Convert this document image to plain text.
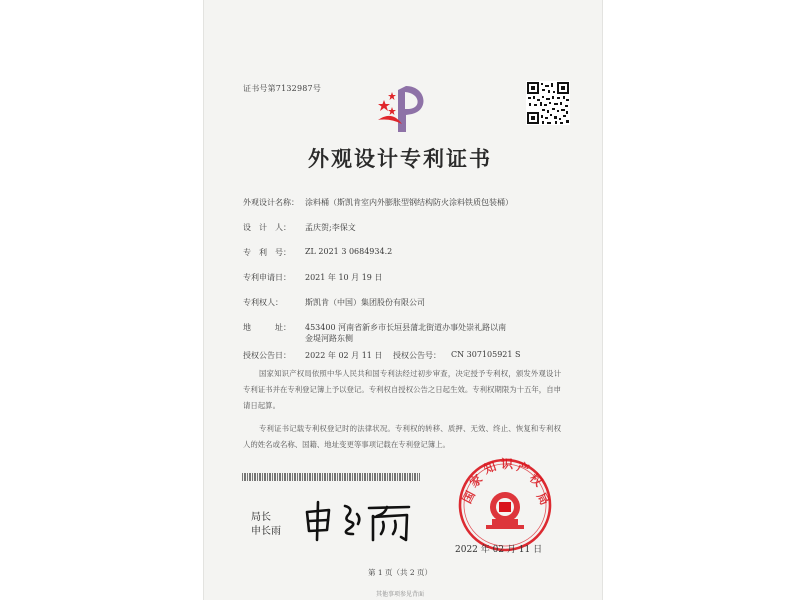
证书号第7132987号
外观设计专利证书
外观设计名称： 涂料桶（斯凯肯室内外膨胀型钢结构防火涂料铁质包装桶）
设　计　人： 孟庆贺;李保文
专　利　号： ZL 2021 3 0684934.2
专利申请日： 2021 年 10 月 19 日
专利权人：	斯凯肯（中国）集团股份有限公司
地　　　址： 453400 河南省新乡市长垣县蒲北街道办事处崇礼路以南
金堤河路东侧
授权公告日： 2022 年 02 月 11 日 授权公告号： CN 307105921 S

国家知识产权局依照中华人民共和国专利法经过初步审查，决定授予专利权，颁发外观设计专利证书并在专利登记簿上予以登记。专利权自授权公告之日起生效。专利权期限为十五年，自申请日起算。

专利证书记载专利权登记时的法律状况。专利权的转移、质押、无效、终止、恢复和专利权人的姓名或名称、国籍、地址变更等事项记载在专利登记簿上。

局长
申长雨
国
家
知 识 产
权
局
2022 年 02 月 11 日
第 1 页（共 2 页）
其他事项参见背面
